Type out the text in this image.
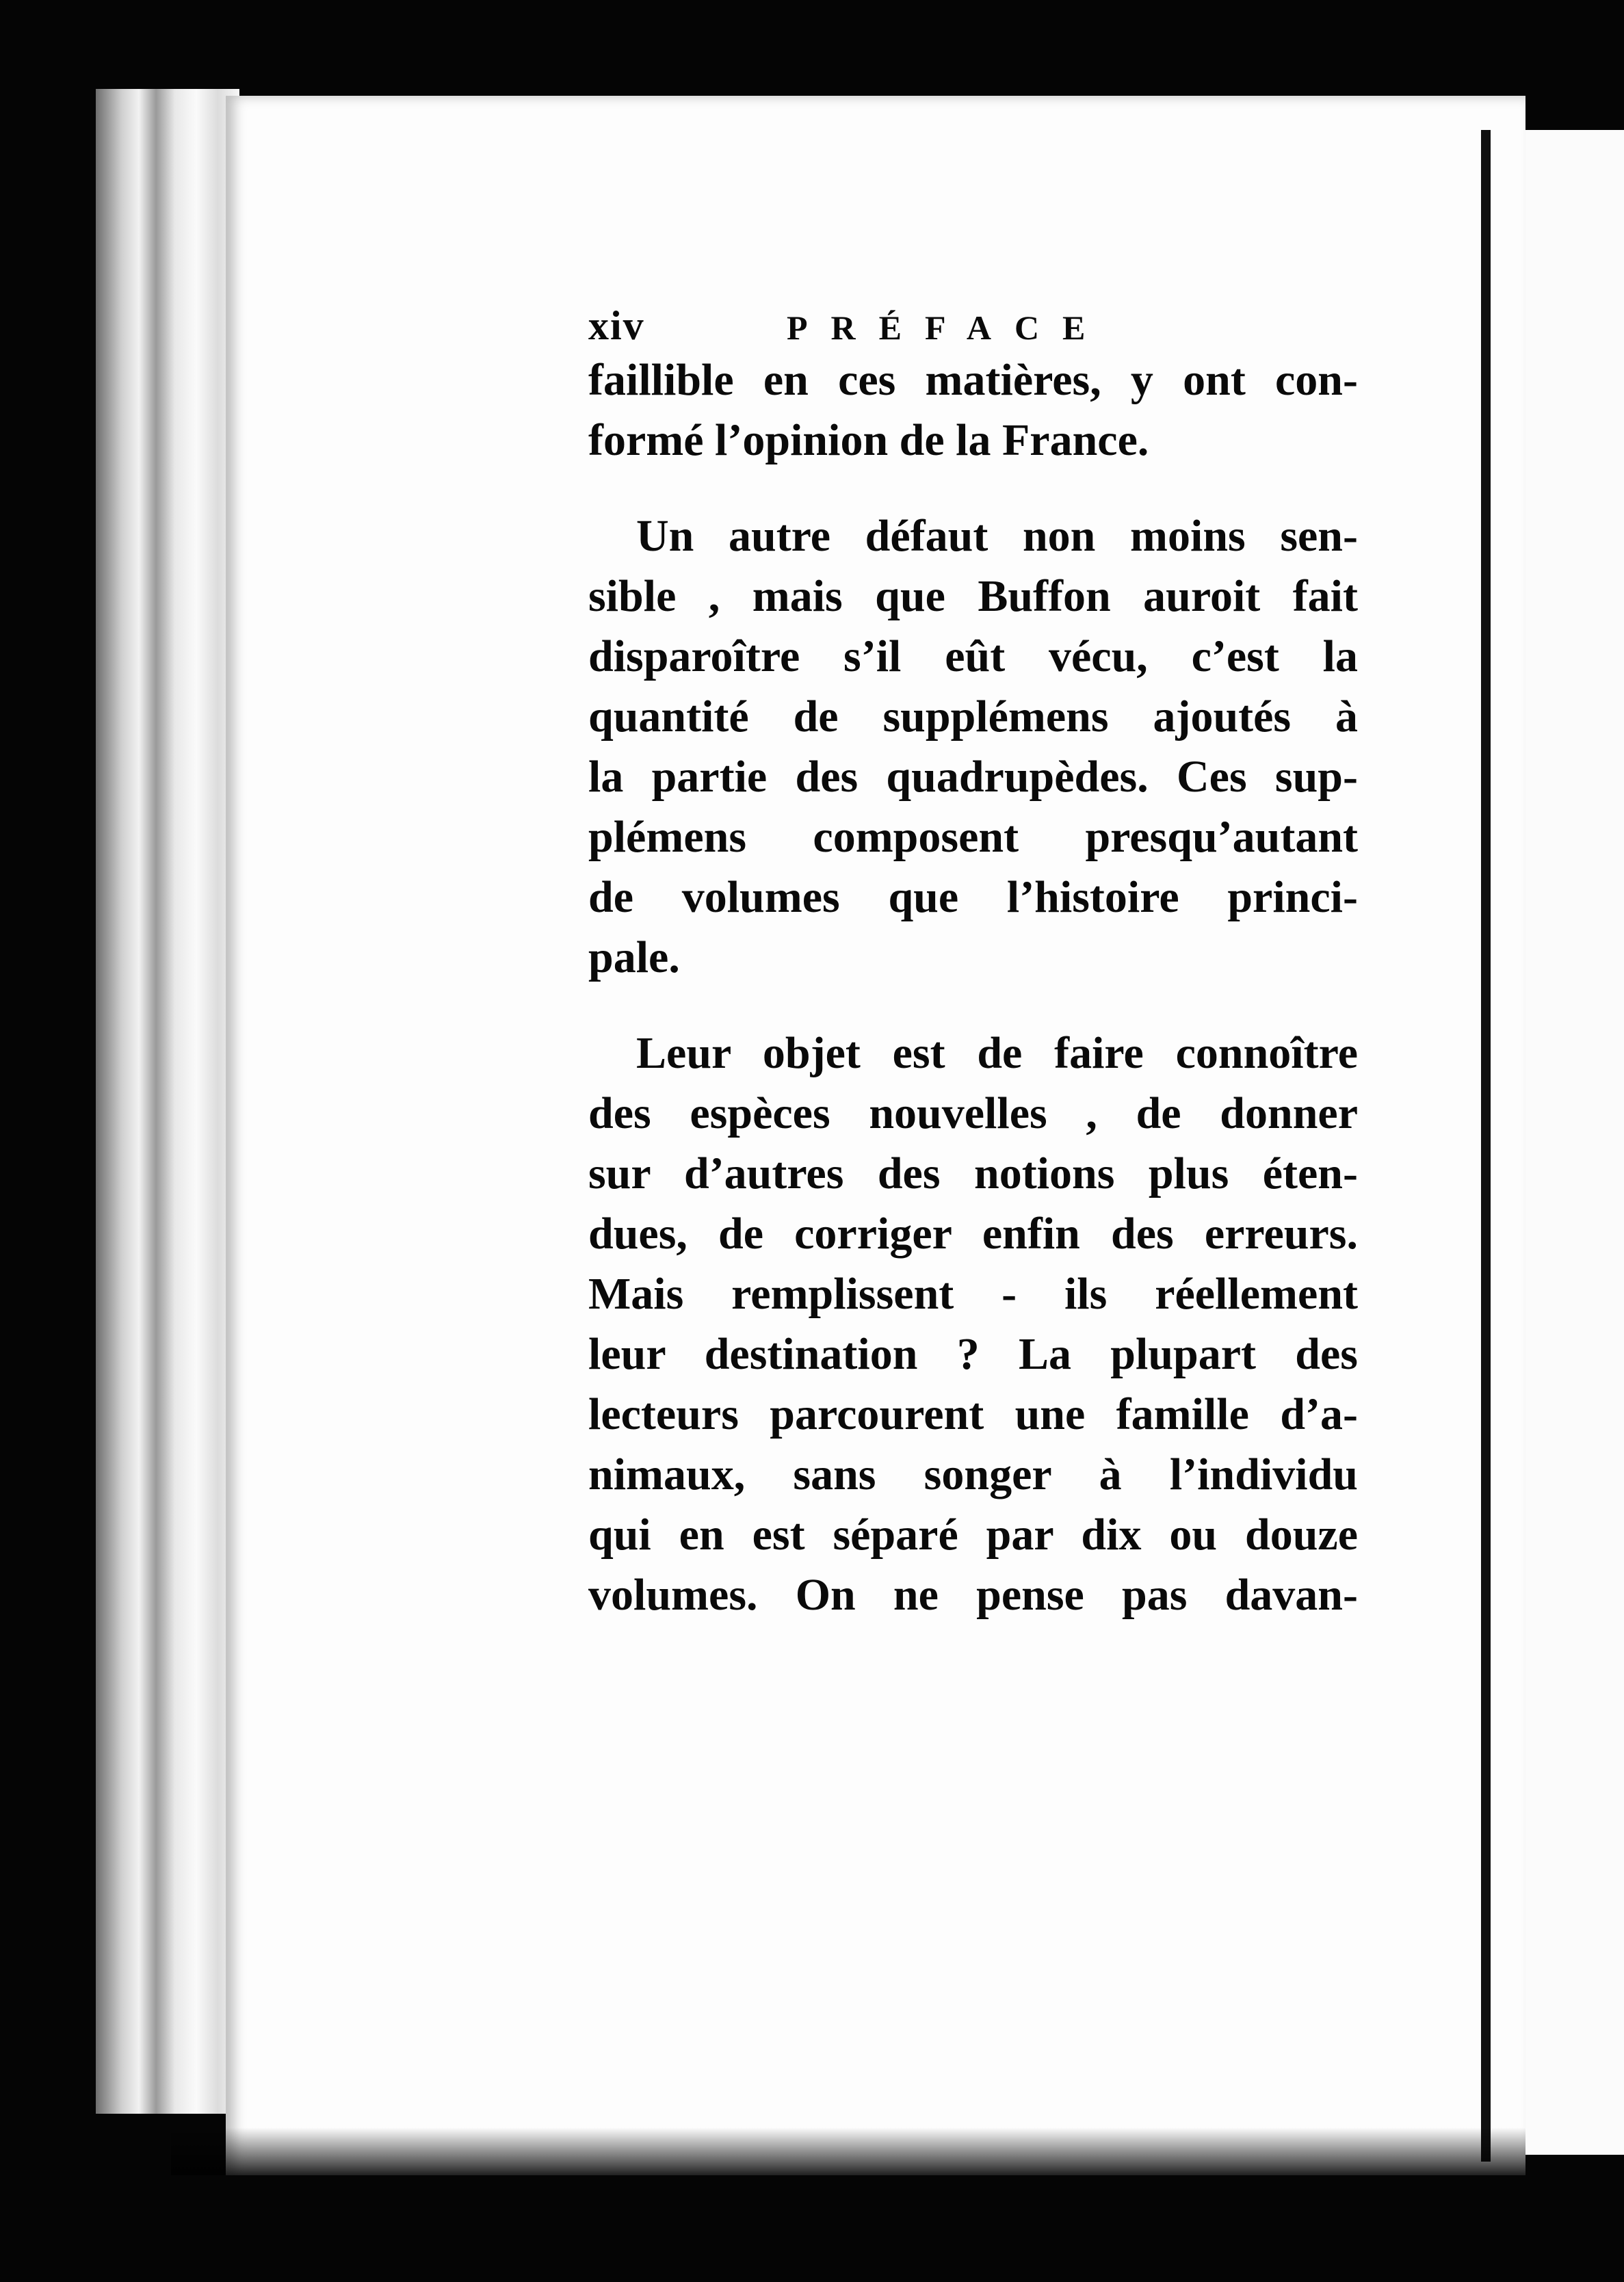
xiv	PRÉFACE
faillible en ces matières, y ont con-
formé l’opinion de la France.
Un autre défaut non moins sen-
sible , mais que Buffon auroit fait
disparoître s’il eût vécu, c’est la
quantité de supplémens ajoutés à
la partie des quadrupèdes. Ces sup-
plémens composent presqu’autant
de volumes que l’histoire princi-
pale.
Leur objet est de faire connoître
des espèces nouvelles , de donner
sur d’autres des notions plus éten-
dues, de corriger enfin des erreurs.
Mais remplissent - ils réellement
leur destination ? La plupart des
lecteurs parcourent une famille d’a-
nimaux, sans songer à l’individu
qui en est séparé par dix ou douze
volumes. On ne pense pas davan-
